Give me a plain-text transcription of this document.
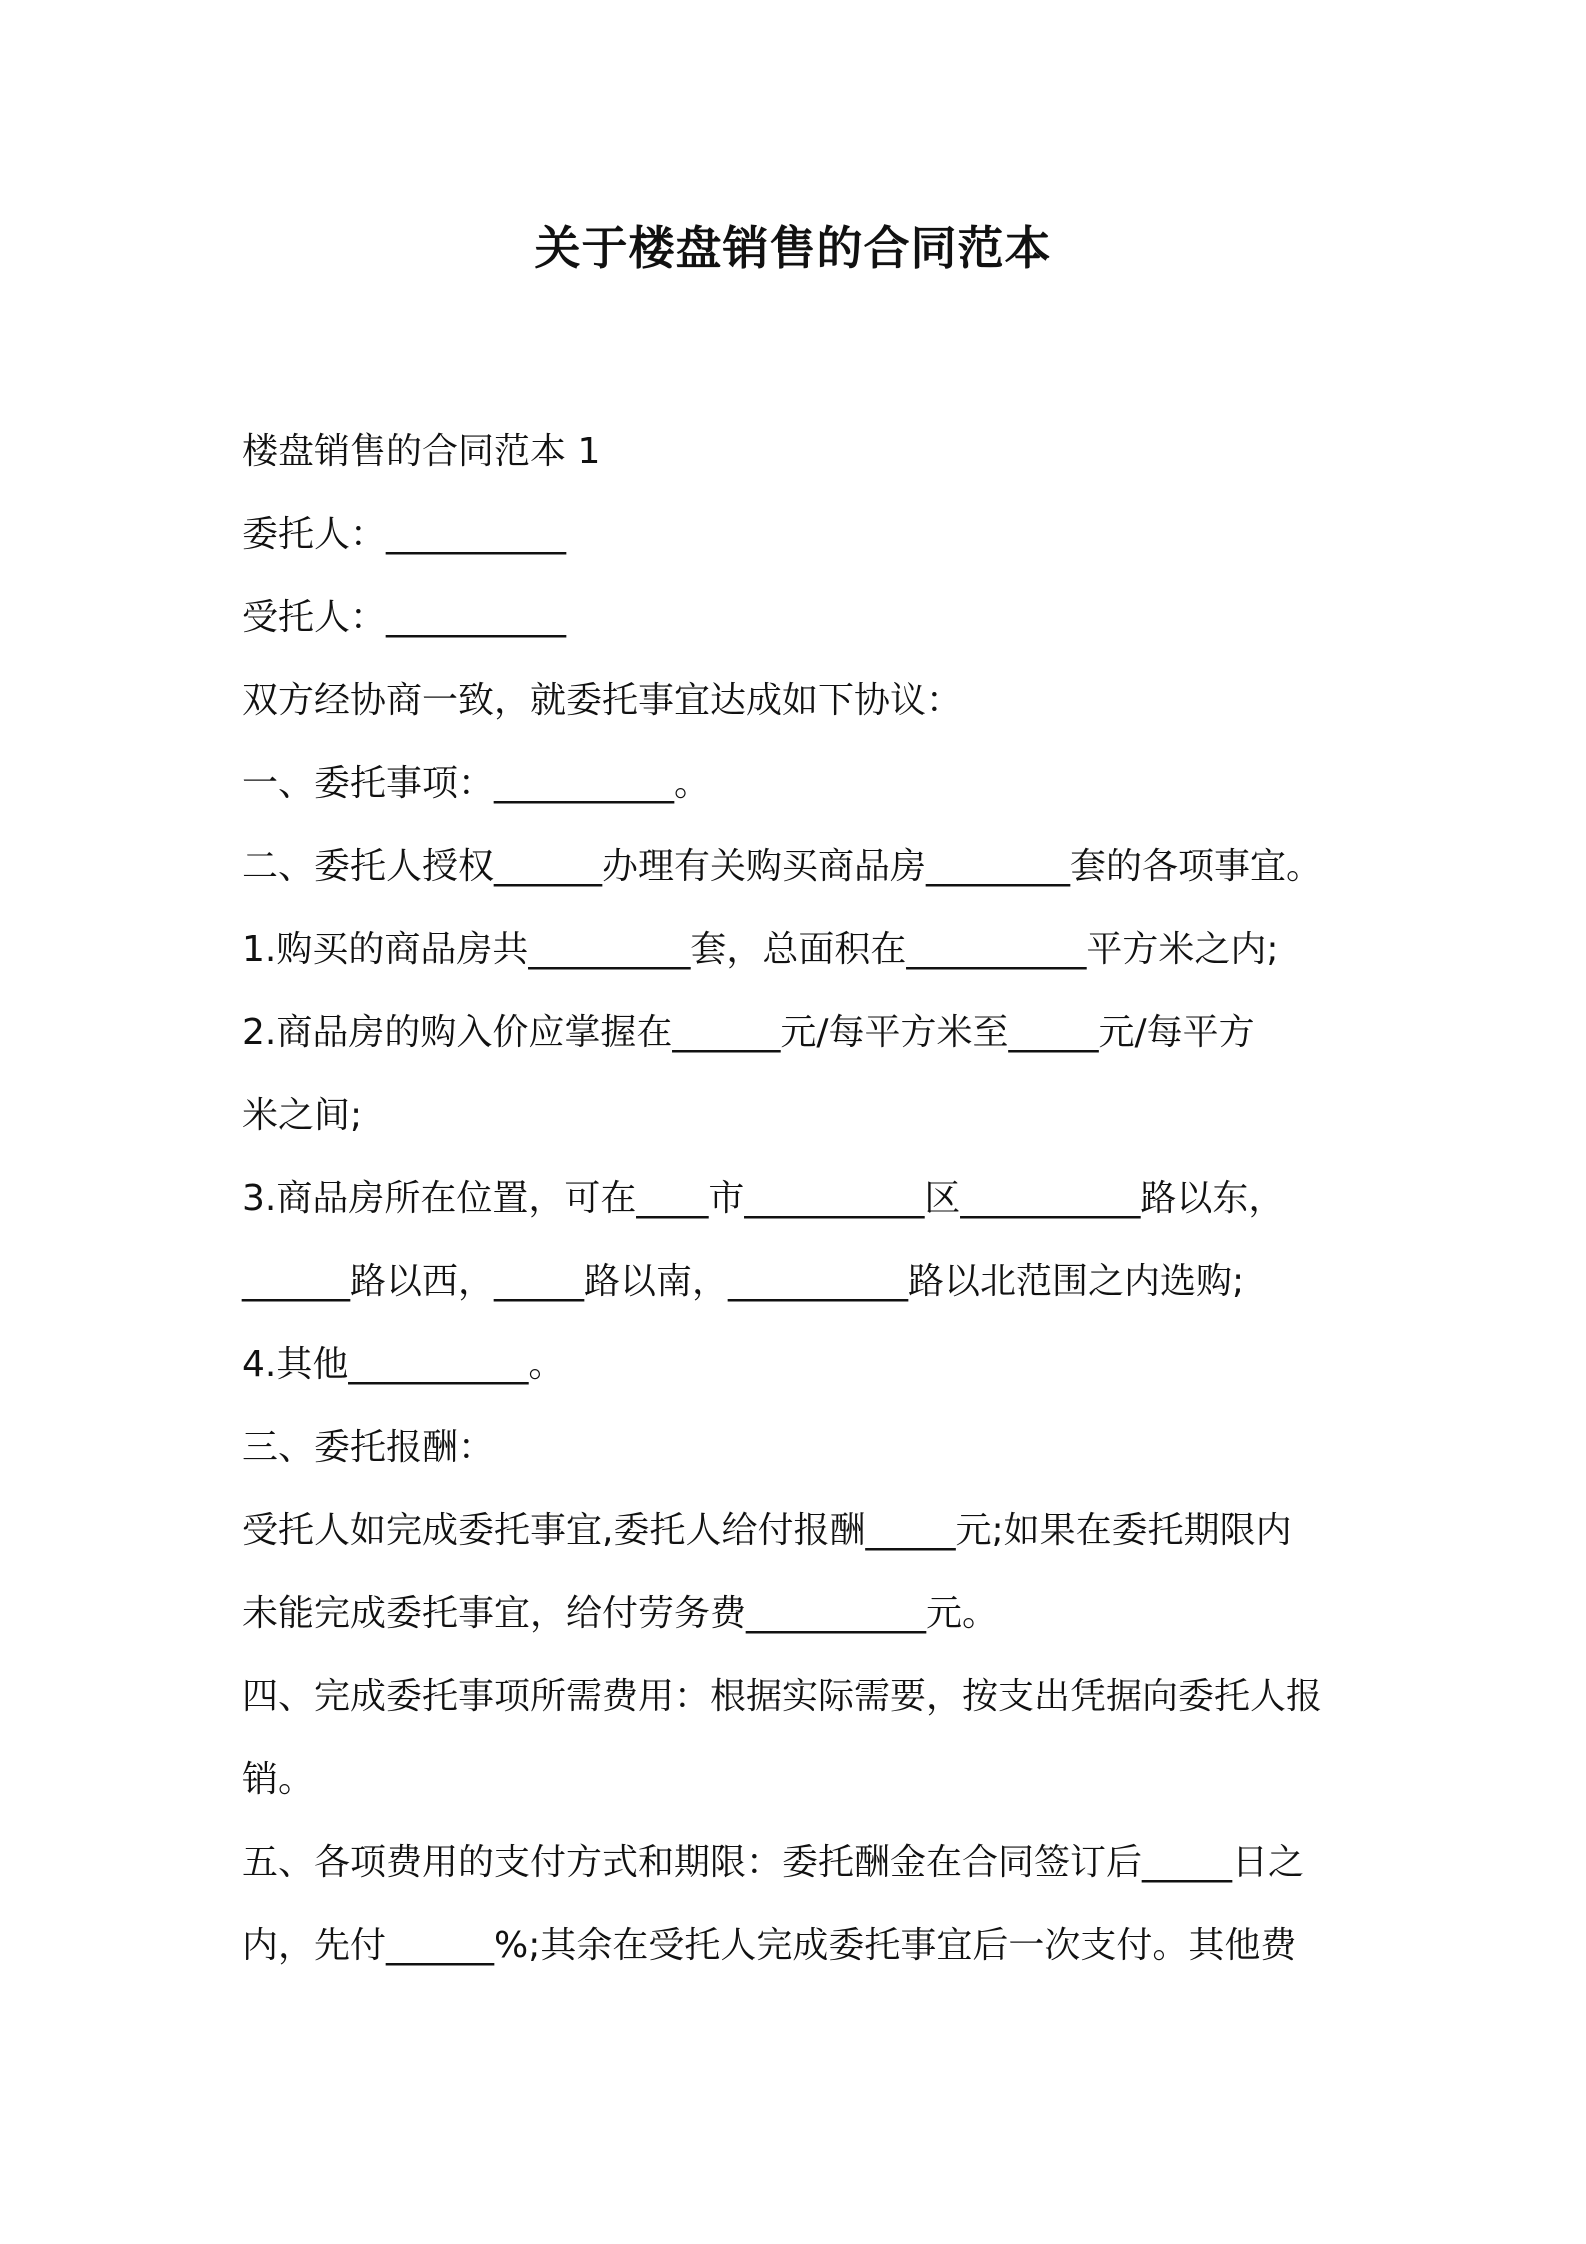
关于楼盘销售的合同范本

楼盘销售的合同范本 1

委托人：__________

受托人：__________

双方经协商一致，就委托事宜达成如下协议：

一、委托事项：__________。

二、委托人授权______办理有关购买商品房________套的各项事宜。

1.购买的商品房共_________套，总面积在__________平方米之内;

2.商品房的购入价应掌握在______元/每平方米至_____元/每平方

米之间;

3.商品房所在位置，可在____市__________区__________路以东，

______路以西，_____路以南，__________路以北范围之内选购;

4.其他__________。

三、委托报酬：

受托人如完成委托事宜,委托人给付报酬_____元;如果在委托期限内

未能完成委托事宜，给付劳务费__________元。

四、完成委托事项所需费用：根据实际需要，按支出凭据向委托人报

销。

五、各项费用的支付方式和期限：委托酬金在合同签订后_____日之

内，先付______%;其余在受托人完成委托事宜后一次支付。其他费
